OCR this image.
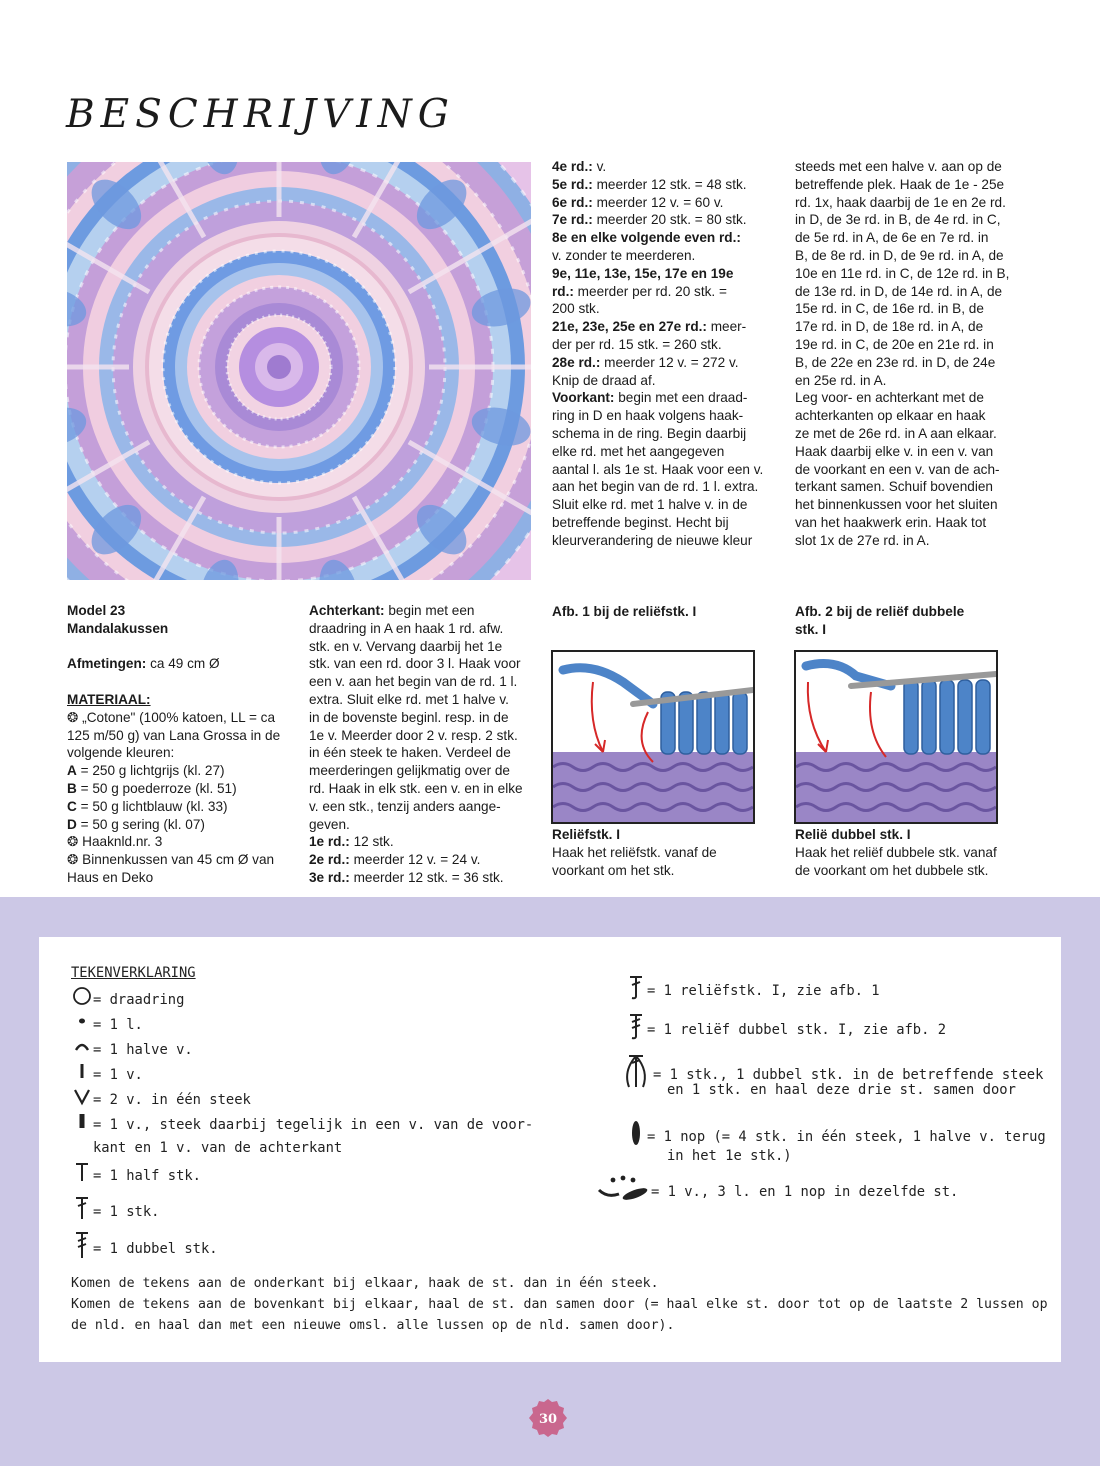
BESCHRIJVING

Model 23

Mandalakussen

Afmetingen: ca 49 cm Ø

MATERIAAL:

❂ „Cotone" (100% katoen, LL = ca

125 m/50 g) van Lana Grossa in de

volgende kleuren:

A = 250 g lichtgrijs (kl. 27)

B = 50 g poederroze (kl. 51)

C = 50 g lichtblauw (kl. 33)

D = 50 g sering (kl. 07)

❂ Haaknld.nr. 3

❂ Binnenkussen van 45 cm Ø van

Haus en Deko

Achterkant: begin met een

draadring in A en haak 1 rd. afw.

stk. en v. Vervang daarbij het 1e

stk. van een rd. door 3 l. Haak voor

een v. aan het begin van de rd. 1 l.

extra. Sluit elke rd. met 1 halve v.

in de bovenste beginl. resp. in de

1e v. Meerder door 2 v. resp. 2 stk.

in één steek te haken. Verdeel de

meerderingen gelijkmatig over de

rd. Haak in elk stk. een v. en in elke

v. een stk., tenzij anders aange-

geven.

1e rd.: 12 stk.

2e rd.: meerder 12 v. = 24 v.

3e rd.: meerder 12 stk. = 36 stk.

4e rd.: v.

5e rd.: meerder 12 stk. = 48 stk.

6e rd.: meerder 12 v. = 60 v.

7e rd.: meerder 20 stk. = 80 stk.

8e en elke volgende even rd.:

v. zonder te meerderen.

9e, 11e, 13e, 15e, 17e en 19e

rd.: meerder per rd. 20 stk. =

200 stk.

21e, 23e, 25e en 27e rd.: meer-

der per rd. 15 stk. = 260 stk.

28e rd.: meerder 12 v. = 272 v.

Knip de draad af.

Voorkant: begin met een draad-

ring in D en haak volgens haak-

schema in de ring. Begin daarbij

elke rd. met het aangegeven

aantal l. als 1e st. Haak voor een v.

aan het begin van de rd. 1 l. extra.

Sluit elke rd. met 1 halve v. in de

betreffende beginst. Hecht bij

kleurverandering de nieuwe kleur

steeds met een halve v. aan op de

betreffende plek. Haak de 1e - 25e

rd. 1x, haak daarbij de 1e en 2e rd.

in D, de 3e rd. in B, de 4e rd. in C,

de 5e rd. in A, de 6e en 7e rd. in

B, de 8e rd. in D, de 9e rd. in A, de

10e en 11e rd. in C, de 12e rd. in B,

de 13e rd. in D, de 14e rd. in A, de

15e rd. in C, de 16e rd. in B, de

17e rd. in D, de 18e rd. in A, de

19e rd. in C, de 20e en 21e rd. in

B, de 22e en 23e rd. in D, de 24e

en 25e rd. in A.

Leg voor- en achterkant met de

achterkanten op elkaar en haak

ze met de 26e rd. in A aan elkaar.

Haak daarbij elke v. in een v. van

de voorkant en een v. van de ach-

terkant samen. Schuif bovendien

het binnenkussen voor het sluiten

van het haakwerk erin. Haak tot

slot 1x de 27e rd. in A.

Afb. 1 bij de reliëfstk. I
Reliëfstk. I
Haak het reliëfstk. vanaf de
voorkant om het stk.
Afb. 2 bij de reliëf dubbele
stk. I
Relië dubbel stk. I
Haak het reliëf dubbele stk. vanaf
de voorkant om het dubbele stk.
TEKENVERKLARING
= draadring
= 1 l.
= 1 halve v.
= 1 v.
= 2 v. in één steek
= 1 v., steek daarbij tegelijk in een v. van de voor-
kant en 1 v. van de achterkant
= 1 half stk.
= 1 stk.
= 1 dubbel stk.
= 1 reliëfstk. I, zie afb. 1
= 1 reliëf dubbel stk. I, zie afb. 2
= 1 stk., 1 dubbel stk. in de betreffende steek
en 1 stk. en haal deze drie st. samen door
= 1 nop (= 4 stk. in één steek, 1 halve v. terug
in het 1e stk.)
= 1 v., 3 l. en 1 nop in dezelfde st.
Komen de tekens aan de onderkant bij elkaar, haak de st. dan in één steek.
Komen de tekens aan de bovenkant bij elkaar, haal de st. dan samen door (= haal elke st. door tot op de laatste 2 lussen op
de nld. en haal dan met een nieuwe omsl. alle lussen op de nld. samen door).
30
